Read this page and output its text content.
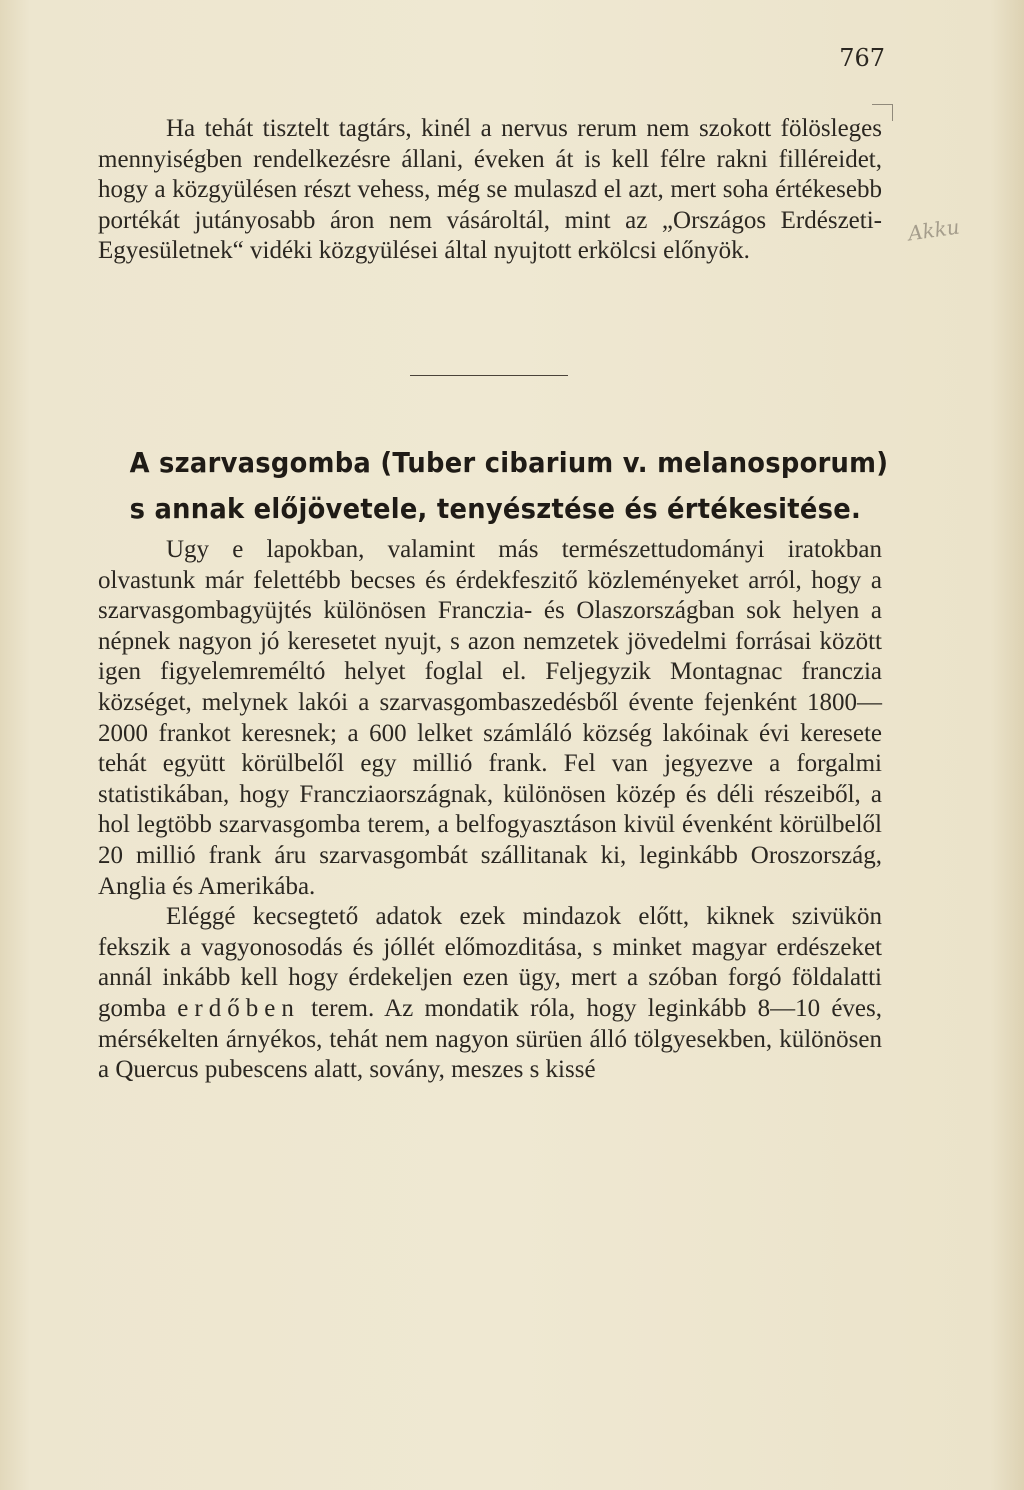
767

Ha tehát tisztelt tagtárs, kinél a nervus rerum nem szokott fölösleges mennyiségben rendelkezésre állani, éveken át is kell félre rakni filléreidet, hogy a közgyülésen részt vehess, még se mulaszd el azt, mert soha értékesebb portékát jutányosabb áron nem vásároltál, mint az „Országos Erdészeti-Egyesületnek“ vidéki közgyülései által nyujtott erkölcsi előnyök.

Akku
A szarvasgomba (Tuber cibarium v. melanosporum)
s annak előjövetele, tenyésztése és értékesitése.

Ugy e lapokban, valamint más természettudományi iratokban olvastunk már felettébb becses és érdekfeszitő közleményeket arról, hogy a szarvasgombagyüjtés különösen Franczia- és Olaszországban sok helyen a népnek nagyon jó keresetet nyujt, s azon nemzetek jövedelmi forrásai között igen figyelemreméltó helyet foglal el. Feljegyzik Montagnac franczia községet, melynek lakói a szarvasgombaszedésből évente fejenként 1800—2000 frankot keresnek; a 600 lelket számláló község lakóinak évi keresete tehát együtt körülbelől egy millió frank. Fel van jegyezve a forgalmi statistikában, hogy Francziaországnak, különösen közép és déli részeiből, a hol legtöbb szarvasgomba terem, a belfogyasztáson kivül évenként körülbelől 20 millió frank áru szarvasgombát szállitanak ki, leginkább Oroszország, Anglia és Amerikába.

Eléggé kecsegtető adatok ezek mindazok előtt, kiknek szivükön fekszik a vagyonosodás és jóllét előmozditása, s minket magyar erdészeket annál inkább kell hogy érdekeljen ezen ügy, mert a szóban forgó földalatti gomba erdőben terem. Az mondatik róla, hogy leginkább 8—10 éves, mérsékelten árnyékos, tehát nem nagyon sürüen álló tölgyesekben, különösen a Quercus pubescens alatt, sovány, meszes s kissé
